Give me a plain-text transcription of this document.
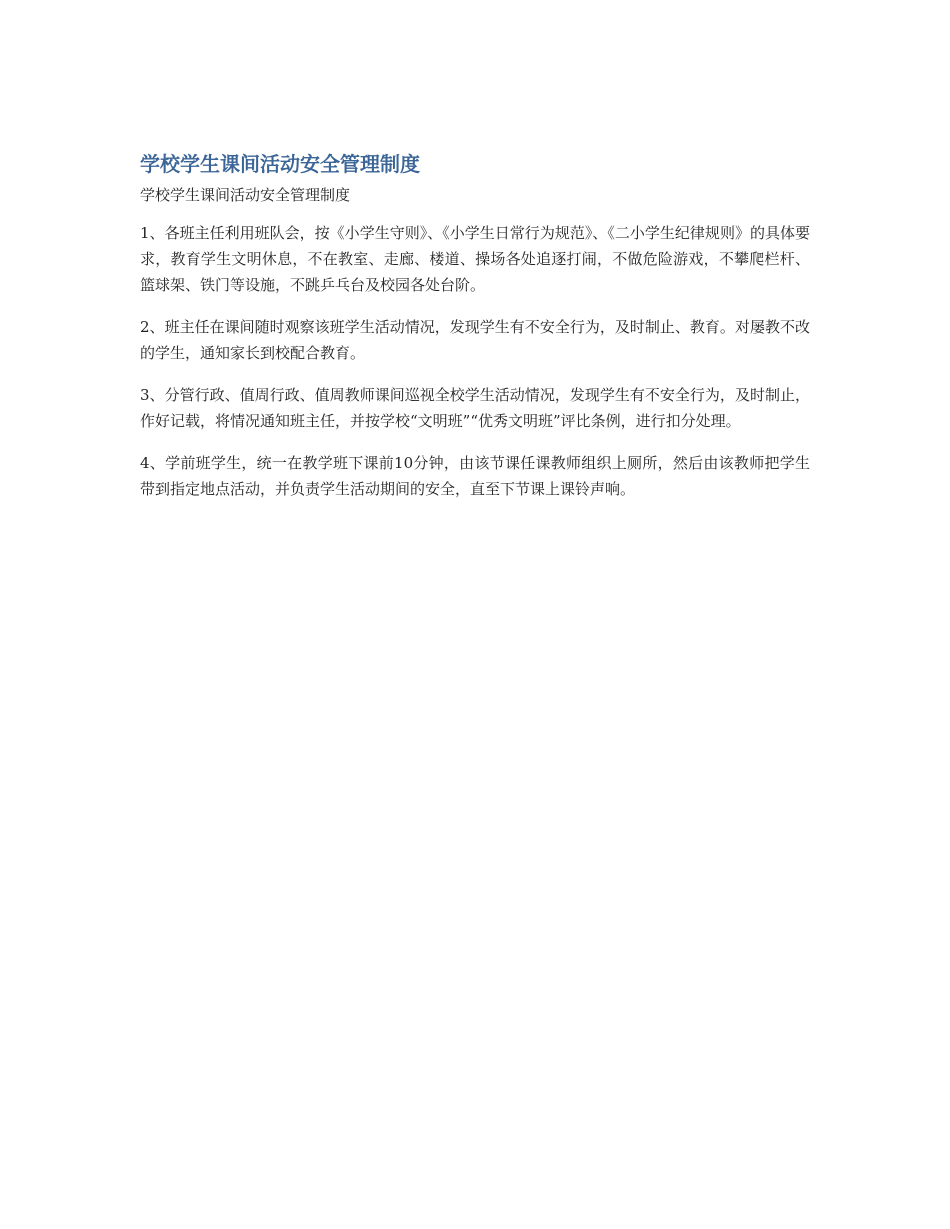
学校学生课间活动安全管理制度
学校学生课间活动安全管理制度

1、各班主任利用班队会，按《小学生守则》、《小学生日常行为规范》、《二小学生纪律规则》的具体要求，教育学生文明休息，不在教室、走廊、楼道、操场各处追逐打闹，不做危险游戏，不攀爬栏杆、篮球架、铁门等设施，不跳乒乓台及校园各处台阶。

2、班主任在课间随时观察该班学生活动情况，发现学生有不安全行为，及时制止、教育。对屡教不改的学生，通知家长到校配合教育。

3、分管行政、值周行政、值周教师课间巡视全校学生活动情况，发现学生有不安全行为，及时制止，作好记载，将情况通知班主任，并按学校“文明班”“优秀文明班”评比条例，进行扣分处理。

4、学前班学生，统一在教学班下课前10分钟，由该节课任课教师组织上厕所，然后由该教师把学生带到指定地点活动，并负责学生活动期间的安全，直至下节课上课铃声响。
